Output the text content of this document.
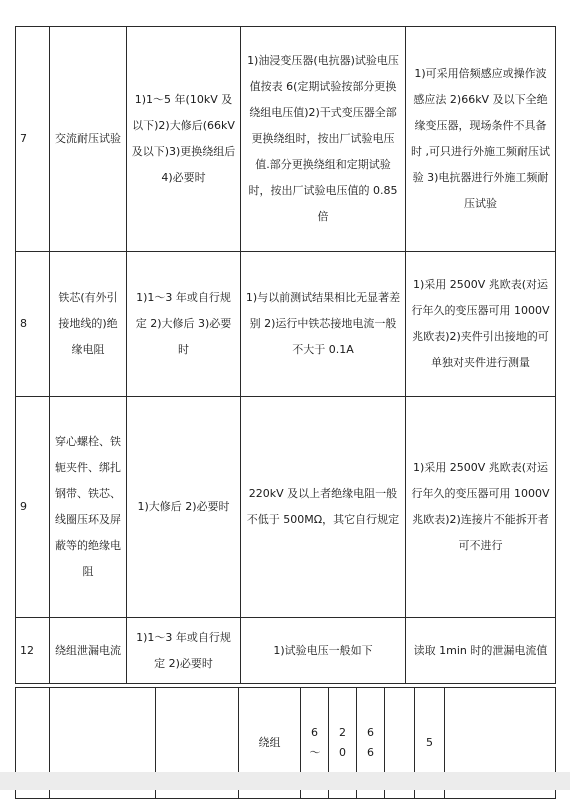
7	交流耐压试验	1)1～5 年(10kV 及以下)2)大修后(66kV 及以下)3)更换绕组后 4)必要时	1)油浸变压器(电抗器)试验电压值按表 6(定期试验按部分更换绕组电压值)2)干式变压器全部更换绕组时，按出厂试验电压值.部分更换绕组和定期试验时，按出厂试验电压值的 0.85 倍	1)可采用倍频感应或操作波感应法 2)66kV 及以下全绝缘变压器，现场条件不具备时 ,可只进行外施工频耐压试验 3)电抗器进行外施工频耐压试验
8	铁芯(有外引接地线的)绝缘电阻	1)1～3 年或自行规定 2)大修后 3)必要时	1)与以前测试结果相比无显著差别 2)运行中铁芯接地电流一般不大于 0.1A	1)采用 2500V 兆欧表(对运行年久的变压器可用 1000V 兆欧表)2)夹件引出接地的可单独对夹件进行测量
9	穿心螺栓、铁轭夹件、绑扎钢带、铁芯、线圈压环及屏蔽等的绝缘电阻	1)大修后 2)必要时	220kV 及以上者绝缘电阻一般不低于 500MΩ，其它自行规定	1)采用 2500V 兆欧表(对运行年久的变压器可用 1000V 兆欧表)2)连接片不能拆开者可不进行
12	绕组泄漏电流	1)1～3 年或自行规定 2)必要时	1)试验电压一般如下	读取 1min 时的泄漏电流值
			绕组	6～	20	66		5	
